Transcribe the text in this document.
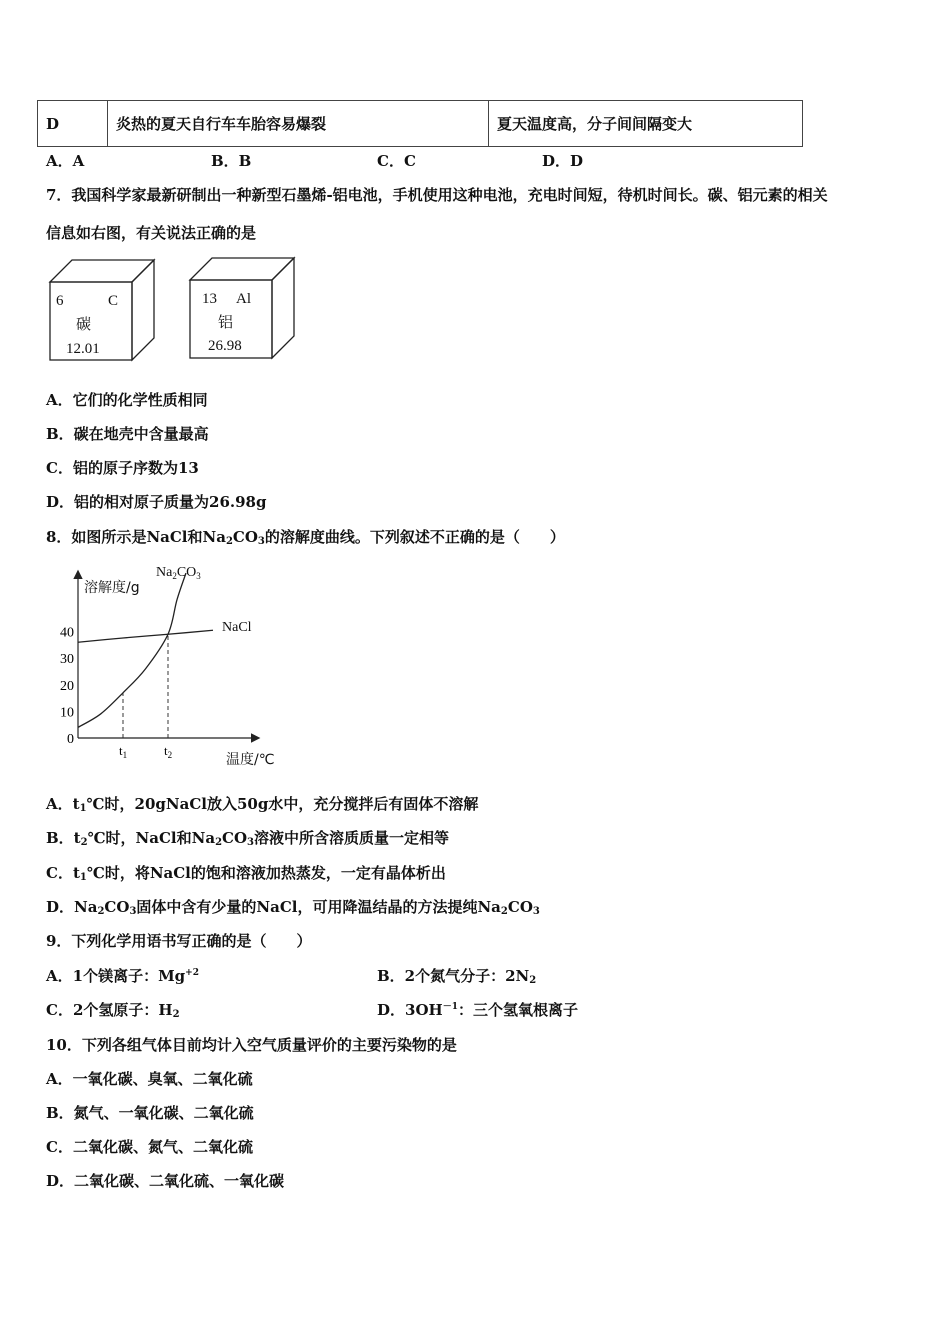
D	炎热的夏天自行车车胎容易爆裂	夏天温度高，分子间间隔变大
A．A	B．B	C．C	D．D
7．我国科学家最新研制出一种新型石墨烯-铝电池，手机使用这种电池，充电时间短，待机时间长。碳、铝元素的相关
信息如右图，有关说法正确的是
6	C
碳
12.01
13 Al
铝
26.98
A．它们的化学性质相同
B．碳在地壳中含量最高
C．铝的原子序数为13
D．铝的相对原子质量为26.98g
8．如图所示是NaCl和$Na_2CO_3$的溶解度曲线。下列叙述不正确的是（　　）
溶解度/g
温度/℃
0
10
20
30
40
$t_1$	$t_2$
NaCl
$Na_2CO_3$
A．$t_1℃$时，20gNaCl放入50g水中，充分搅拌后有固体不溶解
B．$t_2℃$时，NaCl和$Na_2CO_3$溶液中所含溶质质量一定相等
C．$t_1℃$时，将NaCl的饱和溶液加热蒸发，一定有晶体析出
D．$Na_2CO_3$固体中含有少量的NaCl，可用降温结晶的方法提纯$Na_2CO_3$
9．下列化学用语书写正确的是（　　）
A．1个镁离子：$Mg^{+2}$	B．2个氮气分子：$2N_2$
C．2个氢原子：$H_2$	D．$3OH^{-1}$：三个氢氧根离子
10．下列各组气体目前均计入空气质量评价的主要污染物的是
A．一氧化碳、臭氧、二氧化硫
B．氮气、一氧化碳、二氧化硫
C．二氧化碳、氮气、二氧化硫
D．二氧化碳、二氧化硫、一氧化碳
